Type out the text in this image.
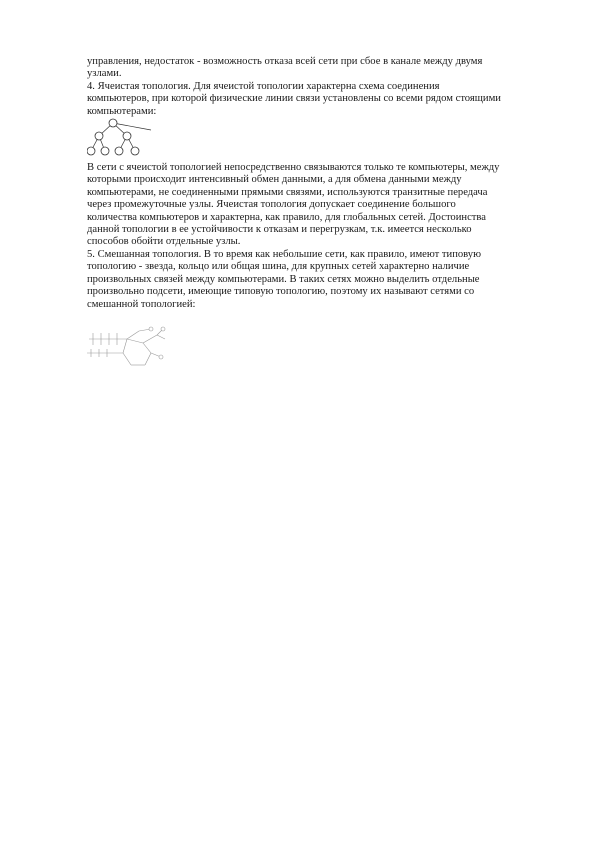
управления, недостаток - возможность отказа всей сети при сбое в канале между двумя
узлами.
4. Ячеистая топология. Для ячеистой топологии характерна схема соединения
компьютеров, при которой физические линии связи установлены со всеми рядом стоящими
компьютерами:
В сети с ячеистой топологией непосредственно связываются только те компьютеры, между
которыми происходит интенсивный обмен данными, а для обмена данными между
компьютерами, не соединенными прямыми связями, используются транзитные передача
через промежуточные узлы. Ячеистая топология допускает соединение большого
количества компьютеров и характерна, как правило, для глобальных сетей. Достоинства
данной топологии в ее устойчивости к отказам и перегрузкам, т.к. имеется несколько
способов обойти отдельные узлы.
5. Смешанная топология. В то время как небольшие сети, как правило, имеют типовую
топологию - звезда, кольцо или общая шина, для крупных сетей характерно наличие
произвольных связей между компьютерами. В таких сетях можно выделить отдельные
произвольно подсети, имеющие типовую топологию, поэтому их называют сетями со
смешанной топологией:
